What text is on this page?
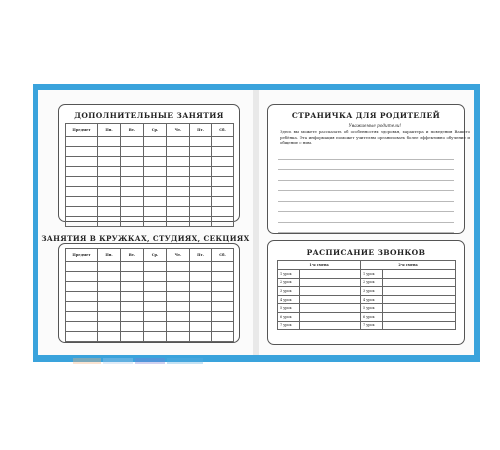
ДОПОЛНИТЕЛЬНЫЕ ЗАНЯТИЯ
Предмет	Пн.	Вт.	Ср.	Чт.	Пт.	Сб.

ЗАНЯТИЯ В КРУЖКАХ, СТУДИЯХ, СЕКЦИЯХ
Предмет	Пн.	Вт.	Ср.	Чт.	Пт.	Сб.

СТРАНИЧКА ДЛЯ РОДИТЕЛЕЙ
Уважаемые родители!
Здесь вы можете рассказать об особенностях здоровья, характера и поведения Вашего ребёнка. Эта информация поможет учителям организовать более эффективно обучение и общение с ним.
РАСПИСАНИЕ ЗВОНКОВ
1-я смена		2-я смена	
1 урок		1 урок	
2 урок		2 урок	
3 урок		3 урок	
4 урок		4 урок	
5 урок		5 урок	
6 урок		6 урок	
7 урок		7 урок	
